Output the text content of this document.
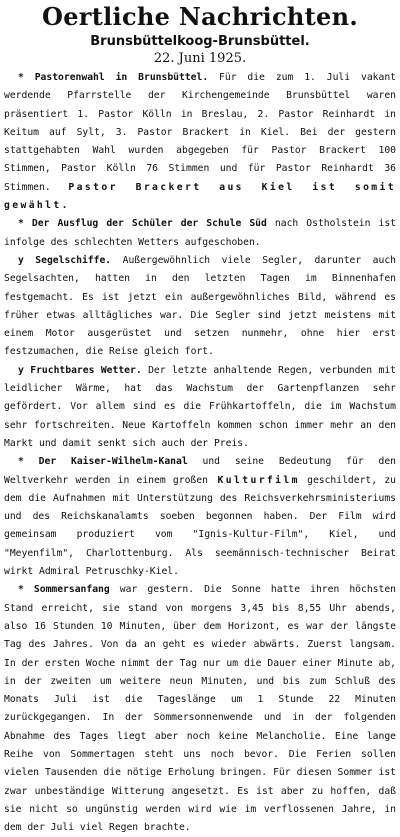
Oertliche Nachrichten.
Brunsbüttelkoog-Brunsbüttel.
22. Juni 1925.

* Pastorenwahl in Brunsbüttel. Für die zum 1. Juli vakant werdende Pfarrstelle der Kirchengemeinde Brunsbüttel waren präsentiert 1. Pastor Kölln in Breslau, 2. Pastor Reinhardt in Keitum auf Sylt, 3. Pastor Brackert in Kiel. Bei der gestern stattgehabten Wahl wurden abgegeben für Pastor Brackert 100 Stimmen, Pastor Kölln 76 Stimmen und für Pastor Reinhardt 36 Stimmen. Pastor Brackert aus Kiel ist somit gewählt.

* Der Ausflug der Schüler der Schule Süd nach Ostholstein ist infolge des schlechten Wetters aufgeschoben.

y Segelschiffe. Außergewöhnlich viele Segler, darunter auch Segelsachten, hatten in den letzten Tagen im Binnenhafen festgemacht. Es ist jetzt ein außergewöhnliches Bild, während es früher etwas alltägliches war. Die Segler sind jetzt meistens mit einem Motor ausgerüstet und setzen nunmehr, ohne hier erst festzumachen, die Reise gleich fort.

y Fruchtbares Wetter. Der letzte anhaltende Regen, verbunden mit leidlicher Wärme, hat das Wachstum der Gartenpflanzen sehr gefördert. Vor allem sind es die Frühkartoffeln, die im Wachstum sehr fortschreiten. Neue Kartoffeln kommen schon immer mehr an den Markt und damit senkt sich auch der Preis.

* Der Kaiser-Wilhelm-Kanal und seine Bedeutung für den Weltverkehr werden in einem großen Kulturfilm geschildert, zu dem die Aufnahmen mit Unterstützung des Reichsverkehrsministeriums und des Reichskanalamts soeben begonnen haben. Der Film wird gemeinsam produziert vom "Ignis-Kultur-Film", Kiel, und "Meyenfilm", Charlottenburg. Als seemännisch-technischer Beirat wirkt Admiral Petruschky-Kiel.

* Sommersanfang war gestern. Die Sonne hatte ihren höchsten Stand erreicht, sie stand von morgens 3,45 bis 8,55 Uhr abends, also 16 Stunden 10 Minuten, über dem Horizont, es war der längste Tag des Jahres. Von da an geht es wieder abwärts. Zuerst langsam. In der ersten Woche nimmt der Tag nur um die Dauer einer Minute ab, in der zweiten um weitere neun Minuten, und bis zum Schluß des Monats Juli ist die Tageslänge um 1 Stunde 22 Minuten zurückgegangen. In der Sommersonnenwende und in der folgenden Abnahme des Tages liegt aber noch keine Melancholie. Eine lange Reihe von Sommertagen steht uns noch bevor. Die Ferien sollen vielen Tausenden die nötige Erholung bringen. Für diesen Sommer ist zwar unbeständige Witterung angesetzt. Es ist aber zu hoffen, daß sie nicht so ungünstig werden wird wie im verflossenen Jahre, in dem der Juli viel Regen brachte.
